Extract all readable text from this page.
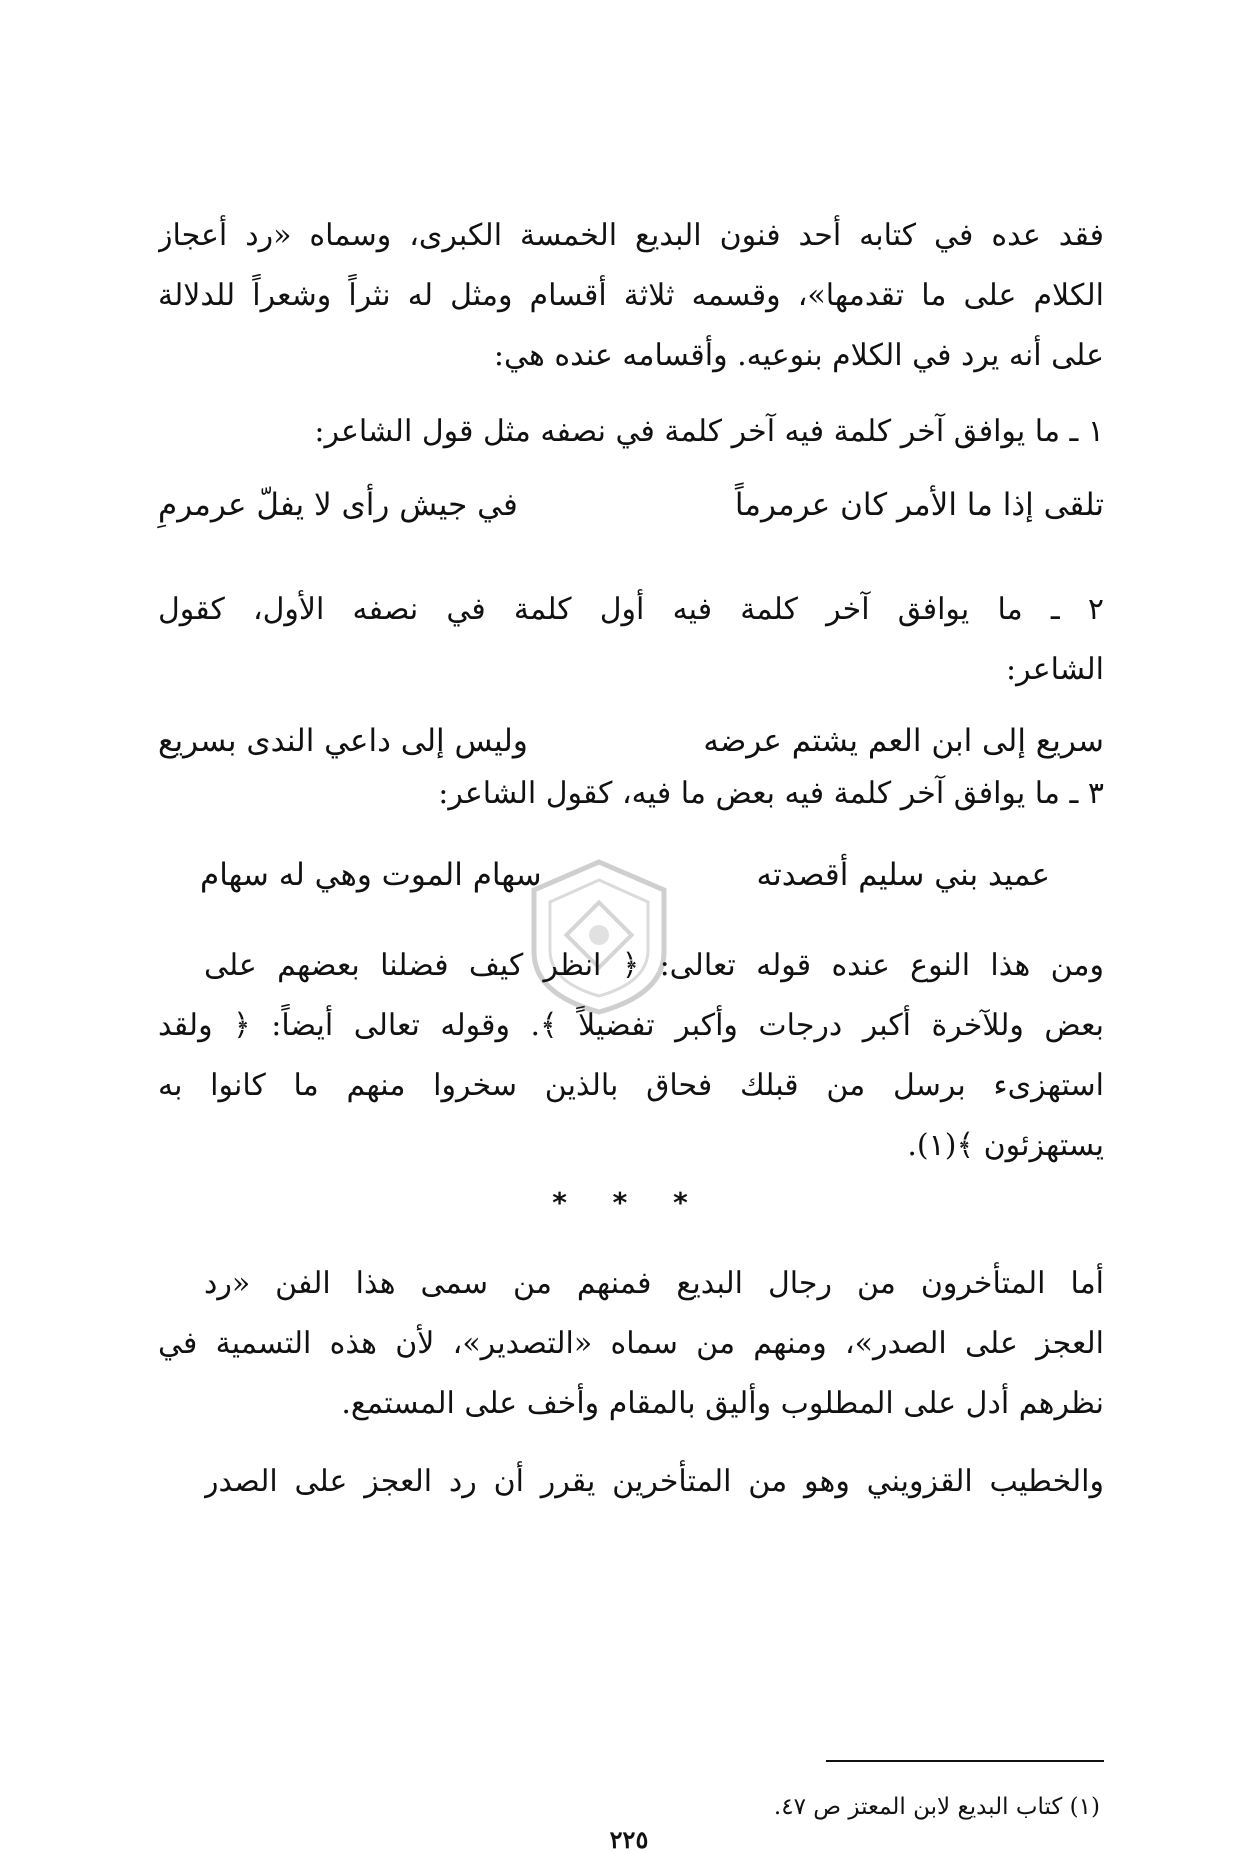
فقد عده في كتابه أحد فنون البديع الخمسة الكبرى، وسماه «رد أعجاز
الكلام على ما تقدمها»، وقسمه ثلاثة أقسام ومثل له نثراً وشعراً للدلالة
على أنه يرد في الكلام بنوعيه. وأقسامه عنده هي:
١ ـ ما يوافق آخر كلمة فيه آخر كلمة في نصفه مثل قول الشاعر:
تلقى إذا ما الأمر كان عرمرماً
في جيش رأى لا يفلّ عرمرمِ
٢ ـ ما يوافق آخر كلمة فيه أول كلمة في نصفه الأول، كقول
الشاعر:
سريع إلى ابن العم يشتم عرضه
وليس إلى داعي الندى بسريع
٣ ـ ما يوافق آخر كلمة فيه بعض ما فيه، كقول الشاعر:
عميد بني سليم أقصدته
سهام الموت وهي له سهام
ومن هذا النوع عنده قوله تعالى: ﴿ انظر كيف فضلنا بعضهم على
بعض وللآخرة أكبر درجات وأكبر تفضيلاً ﴾. وقوله تعالى أيضاً: ﴿ ولقد
استهزىء برسل من قبلك فحاق بالذين سخروا منهم ما كانوا به
يستهزئون ﴾(١).
* * *
أما المتأخرون من رجال البديع فمنهم من سمى هذا الفن «رد
العجز على الصدر»، ومنهم من سماه «التصدير»، لأن هذه التسمية في
نظرهم أدل على المطلوب وأليق بالمقام وأخف على المستمع.
والخطيب القزويني وهو من المتأخرين يقرر أن رد العجز على الصدر
(١) كتاب البديع لابن المعتز ص ٤٧.
٢٢٥
